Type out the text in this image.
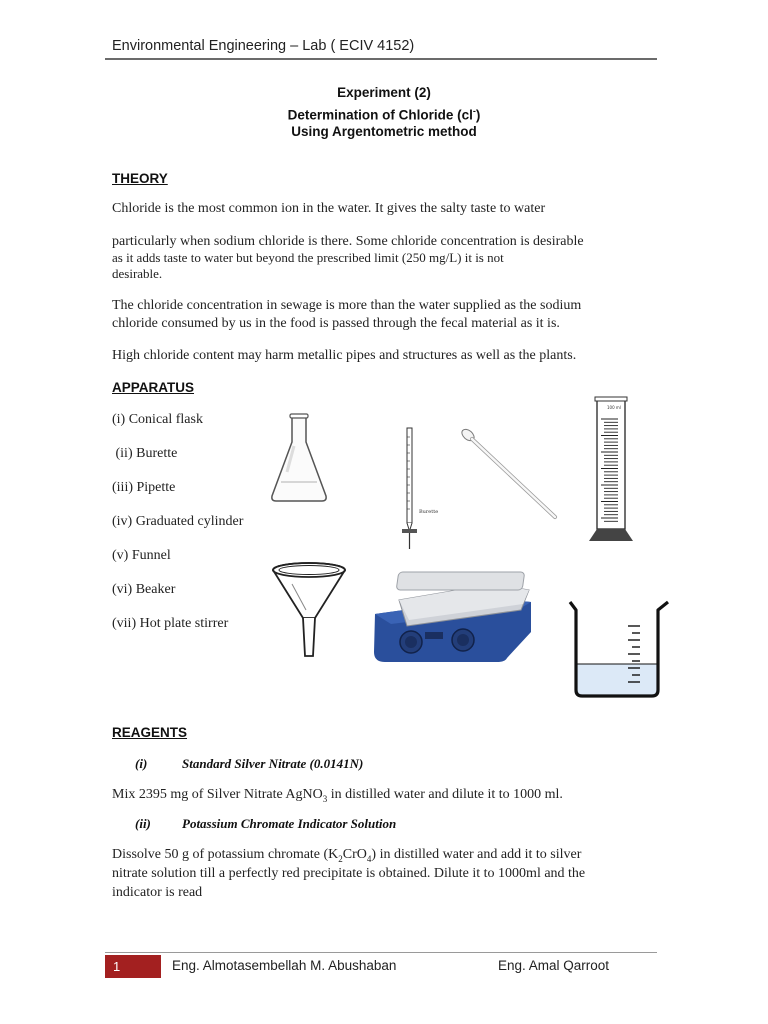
Environmental Engineering – Lab ( ECIV 4152)
Experiment (2)
Determination of Chloride (cl-)
Using Argentometric method
THEORY
Chloride is the most common ion in the water. It gives the salty taste to water
particularly when sodium chloride is there. Some chloride concentration is desirable
as it adds taste to water but beyond the prescribed limit (250 mg/L) it is not
desirable.
The chloride concentration in sewage is more than the water supplied as the sodium
chloride consumed by us in the food is passed through the fecal material as it is.
High chloride content may harm metallic pipes and structures as well as the plants.
APPARATUS
(i) Conical flask
(ii) Burette
(iii) Pipette
(iv) Graduated cylinder
(v) Funnel
(vi) Beaker
(vii) Hot plate stirrer
Burette
100 ml
REAGENTS
(i)	Standard Silver Nitrate (0.0141N)
Mix 2395 mg of Silver Nitrate AgNO$_3$ in distilled water and dilute it to 1000 ml.
(ii) Potassium Chromate Indicator Solution
Dissolve 50 g of potassium chromate $(K_2CrO_4)$ in distilled water and add it to silver
nitrate solution till a perfectly red precipitate is obtained. Dilute it to 1000ml and the
indicator is read
1	Eng. Almotasembellah M. Abushaban	Eng. Amal Qarroot
